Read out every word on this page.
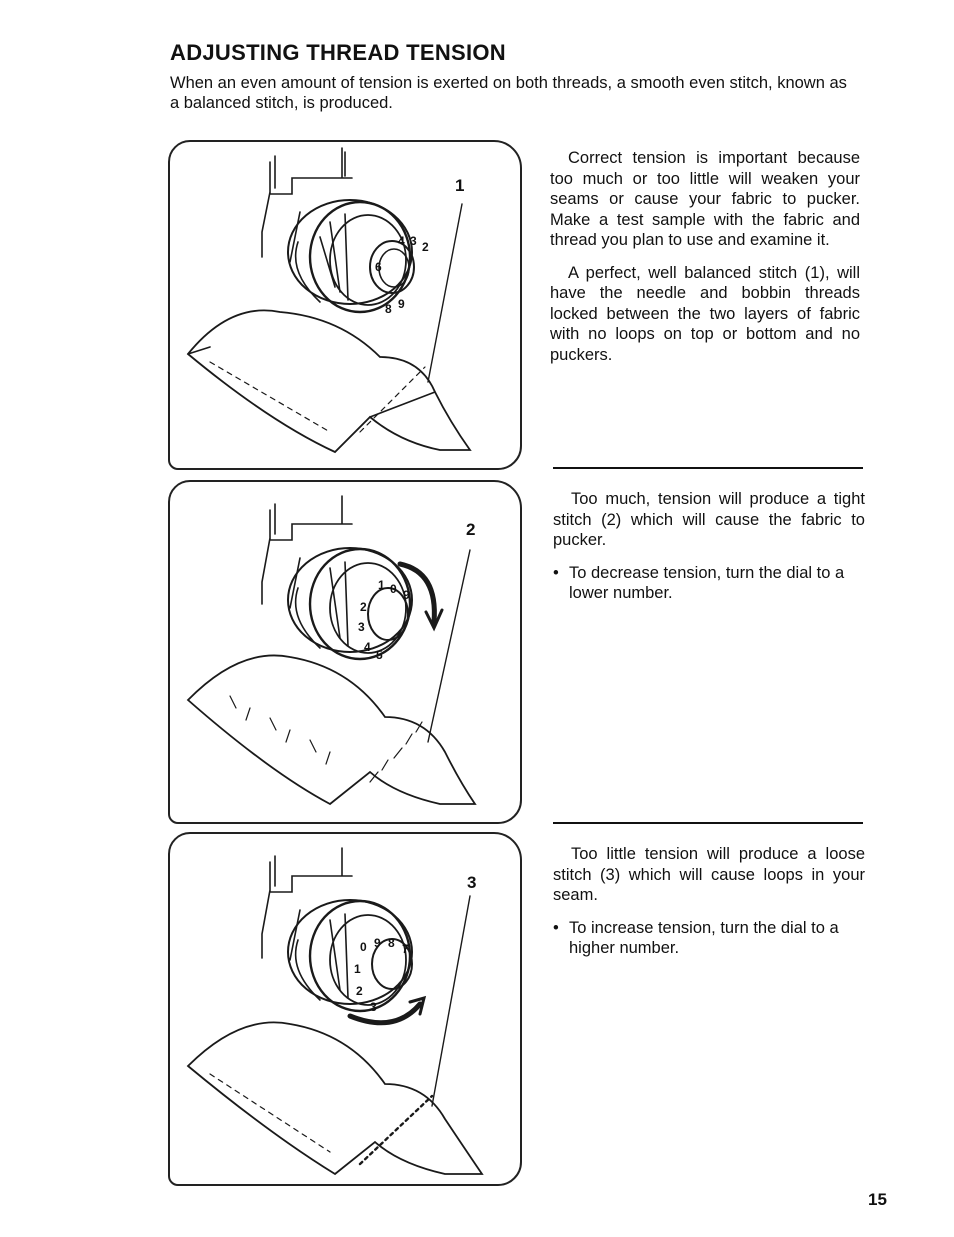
ADJUSTING THREAD TENSION

When an even amount of tension is exerted on both threads, a smooth even stitch, known as a balanced stitch, is produced.

4 3 2
8 9
6
1
1 0 9
2
3
4
5
2
0 9 8 7
1
2
3
3

Correct tension is important because too much or too little will weaken your seams or cause your fabric to pucker. Make a test sample with the fabric and thread you plan to use and examine it.

A perfect, well balanced stitch (1), will have the needle and bobbin threads locked between the two layers of fabric with no loops on top or bottom and no puckers.

Too much, tension will produce a tight stitch (2) which will cause the fabric to pucker.

• To decrease tension, turn the dial to a lower number.

Too little tension will produce a loose stitch (3) which will cause loops in your seam.

• To increase tension, turn the dial to a higher number.
15
